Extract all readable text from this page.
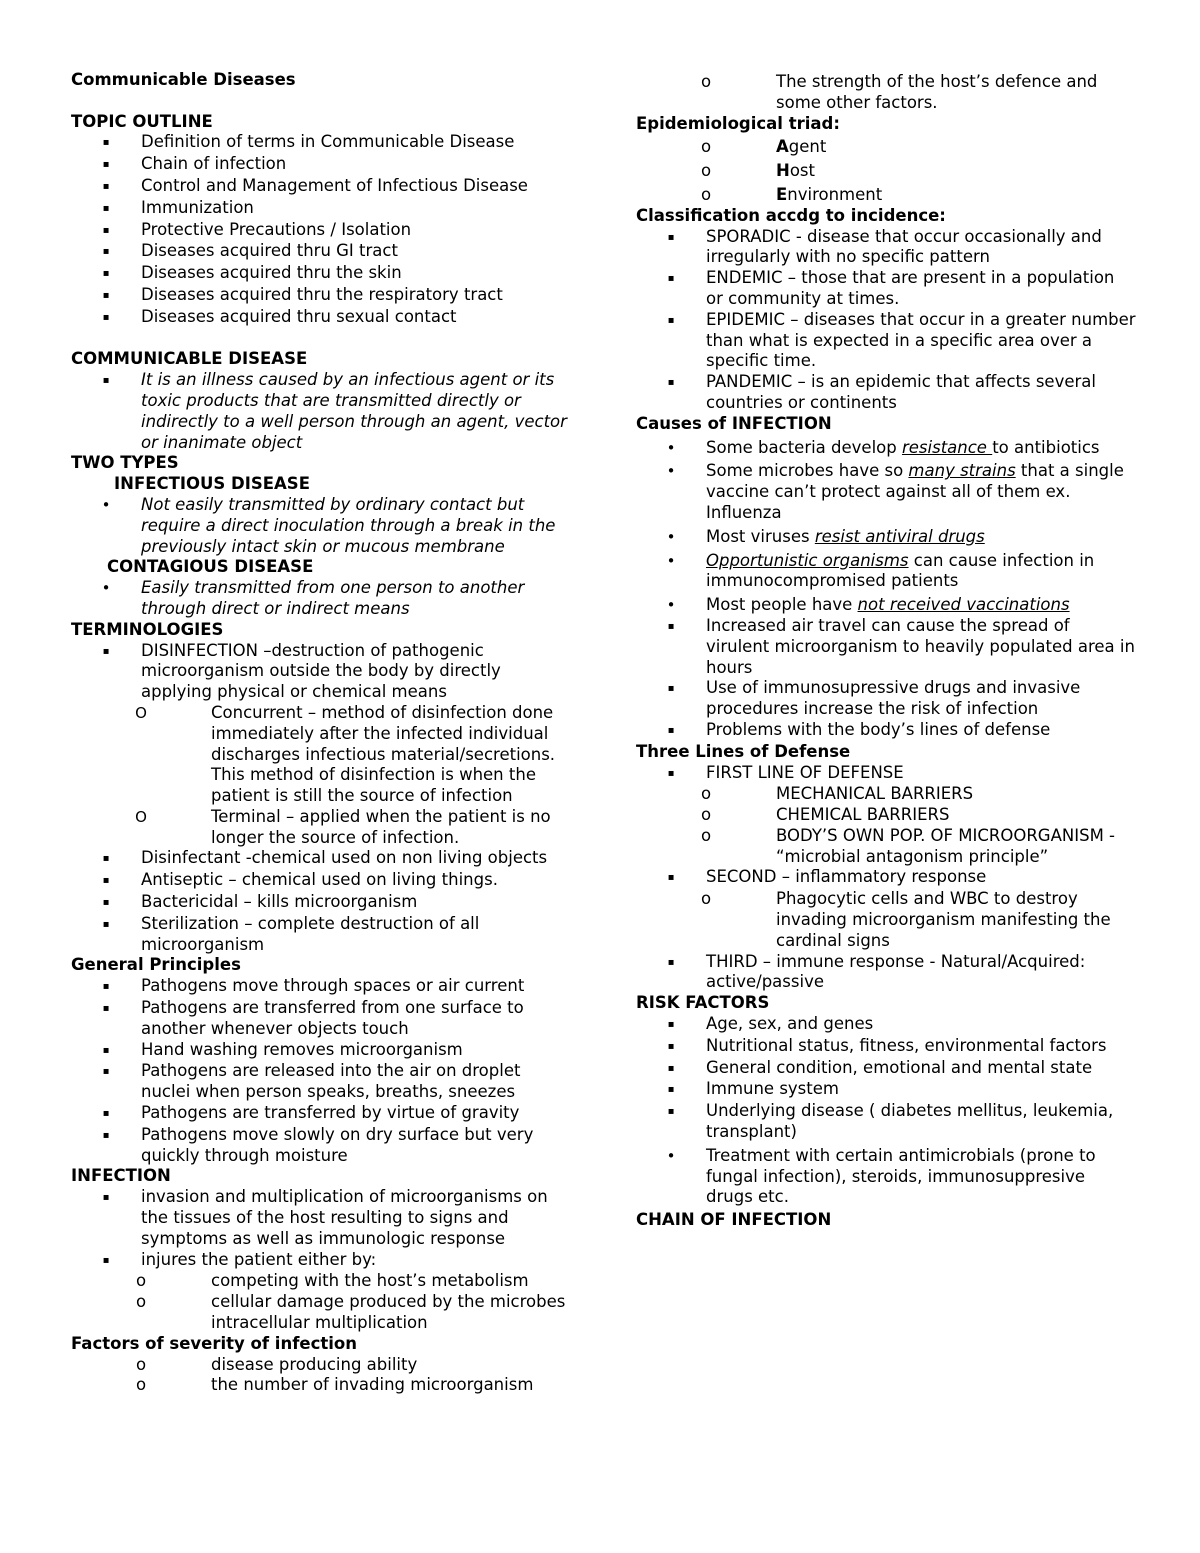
Communicable Diseases
TOPIC OUTLINE
▪	Definition of terms in Communicable Disease
▪	Chain of infection
▪	Control and Management of Infectious Disease
▪	Immunization
▪	Protective Precautions / Isolation
▪	Diseases acquired thru GI tract
▪	Diseases acquired thru the skin
▪	Diseases acquired thru the respiratory tract
▪	Diseases acquired thru sexual contact
COMMUNICABLE DISEASE
▪	It is an illness caused by an infectious agent or its toxic products that are transmitted directly or indirectly to a well person through an agent, vector or inanimate object
TWO TYPES
INFECTIOUS DISEASE
•	Not easily transmitted by ordinary contact but require a direct inoculation through a break in the previously intact skin or mucous membrane
CONTAGIOUS DISEASE
•	Easily transmitted from one person to another through direct or indirect means
TERMINOLOGIES
▪	DISINFECTION –destruction of pathogenic microorganism outside the body by directly applying physical or chemical means
O	Concurrent – method of disinfection done immediately after the infected individual discharges infectious material/secretions. This method of disinfection is when the patient is still the source of infection
O	Terminal – applied when the patient is no longer the source of infection.
▪	Disinfectant -chemical used on non living objects
▪	Antiseptic – chemical used on living things.
▪	Bactericidal – kills microorganism
▪	Sterilization – complete destruction of all microorganism
General Principles
▪	Pathogens move through spaces or air current
▪	Pathogens are transferred from one surface to another whenever objects touch
▪	Hand washing removes microorganism
▪	Pathogens are released into the air on droplet nuclei when person speaks, breaths, sneezes
▪	Pathogens are transferred by virtue of gravity
▪	Pathogens move slowly on dry surface but very quickly through moisture
INFECTION
▪	invasion and multiplication of microorganisms on the tissues of the host resulting to signs and symptoms as well as immunologic response
▪	injures the patient either by:
o	competing with the host’s metabolism
o	cellular damage produced by the microbes intracellular multiplication
Factors of severity of infection
o	disease producing ability
o	the number of invading microorganism
o	The strength of the host’s defence and some other factors.
Epidemiological triad:
o	Agent
o	Host
o	Environment
Classification accdg to incidence:
▪	SPORADIC - disease that occur occasionally and irregularly with no specific pattern
▪	ENDEMIC – those that are present in a population or community at times.
▪	EPIDEMIC – diseases that occur in a greater number than what is expected in a specific area over a specific time.
▪	PANDEMIC – is an epidemic that affects several countries or continents
Causes of INFECTION
•	Some bacteria develop resistance to antibiotics
•	Some microbes have so many strains that a single vaccine can’t protect against all of them ex. Influenza
•	Most viruses resist antiviral drugs
•	Opportunistic organisms can cause infection in immunocompromised patients
•	Most people have not received vaccinations
▪	Increased air travel can cause the spread of virulent microorganism to heavily populated area in hours
▪	Use of immunosupressive drugs and invasive procedures increase the risk of infection
▪	Problems with the body’s lines of defense
Three Lines of Defense
▪	FIRST LINE OF DEFENSE
o	MECHANICAL BARRIERS
o	CHEMICAL BARRIERS
o	BODY’S OWN POP. OF MICROORGANISM - “microbial antagonism principle”
▪	SECOND – inflammatory response
o	Phagocytic cells and WBC to destroy invading microorganism manifesting the cardinal signs
▪	THIRD – immune response - Natural/Acquired: active/passive
RISK FACTORS
▪	Age, sex, and genes
▪	Nutritional status, fitness, environmental factors
▪	General condition, emotional and mental state
▪	Immune system
▪	Underlying disease ( diabetes mellitus, leukemia, transplant)
•	Treatment with certain antimicrobials (prone to fungal infection), steroids, immunosuppresive drugs etc.
CHAIN OF INFECTION
